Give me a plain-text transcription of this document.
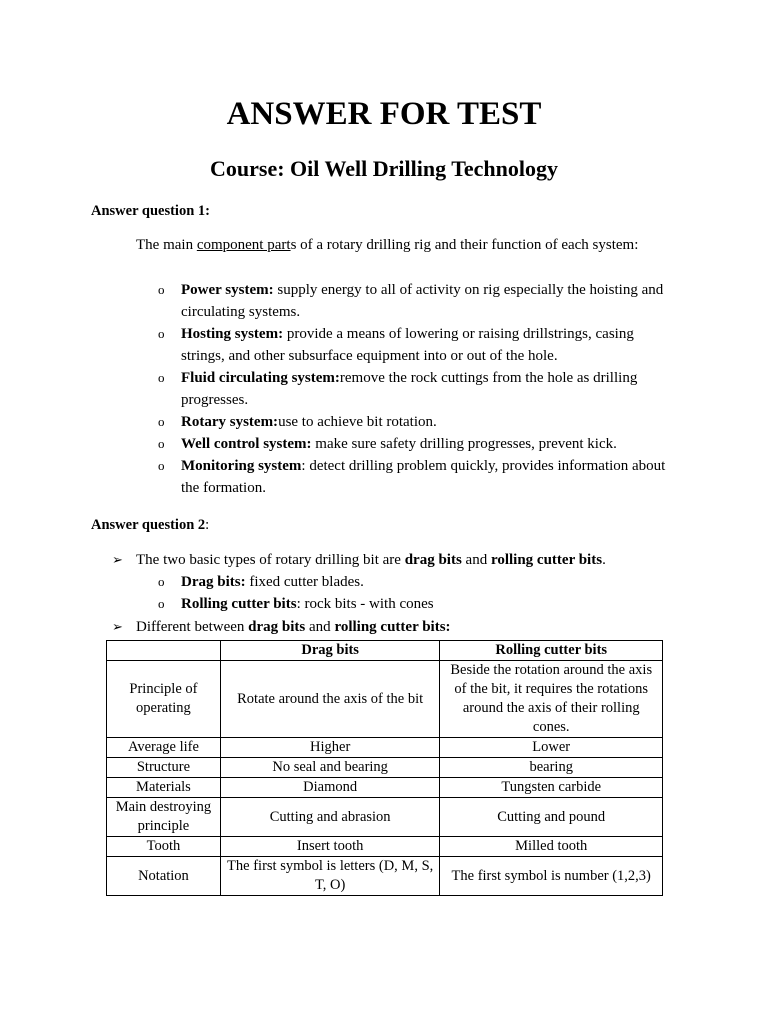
ANSWER FOR TEST
Course: Oil Well Drilling Technology
Answer question 1:
The main component parts of a rotary drilling rig and their function of each system:
o Power system: supply energy to all of activity on rig especially the hoisting and circulating systems.
o Hosting system: provide a means of lowering or raising drillstrings, casing strings, and other subsurface equipment into or out of the hole.
o Fluid circulating system:remove the rock cuttings from the hole as drilling progresses.
o Rotary system:use to achieve bit rotation.
o Well control system: make sure safety drilling progresses, prevent kick.
o Monitoring system: detect drilling problem quickly, provides information about the formation.
Answer question 2:
➢ The two basic types of rotary drilling bit are drag bits and rolling cutter bits.
o Drag bits: fixed cutter blades.
o Rolling cutter bits: rock bits - with cones
➢ Different between drag bits and rolling cutter bits:
	Drag bits	Rolling cutter bits
Principle of operating	Rotate around the axis of the bit	Beside the rotation around the axis of the bit, it requires the rotations around the axis of their rolling cones.
Average life	Higher	Lower
Structure	No seal and bearing	bearing
Materials	Diamond	Tungsten carbide
Main destroying principle	Cutting and abrasion	Cutting and pound
Tooth	Insert tooth	Milled tooth
Notation	The first symbol is letters (D, M, S, T, O)	The first symbol is number (1,2,3)
